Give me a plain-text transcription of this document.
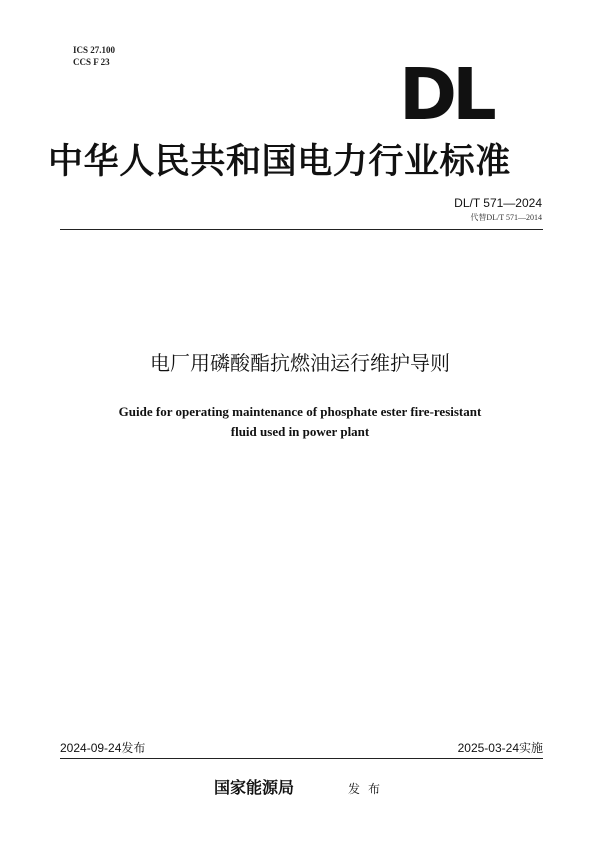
ICS 27.100
CCS F 23	DL
中华人民共和国电力行业标准
DL/T 571—2024
代替DL/T 571—2014
电厂用磷酸酯抗燃油运行维护导则
Guide for operating maintenance of phosphate ester fire-resistant
fluid used in power plant
2024-09-24发布	2025-03-24实施
国家能源局	发布
